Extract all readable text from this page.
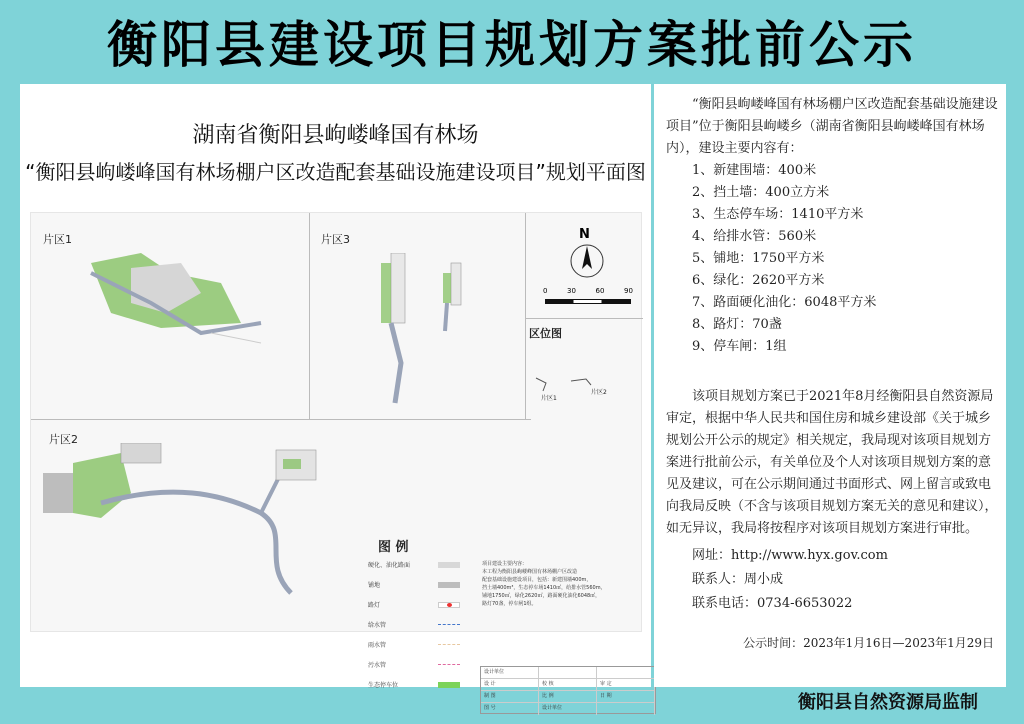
衡阳县建设项目规划方案批前公示
湖南省衡阳县岣嵝峰国有林场
“衡阳县岣嵝峰国有林场棚户区改造配套基础设施建设项目”规划平面图
片区1	片区3
片区2
区位图
N
0	30	60	90
片区1
片区2
图 例
硬化、油化路面
铺地
路灯
给水管
雨水管
污水管
生态停车位
项目建设主要内容：
本工程为衡阳县岣嵝峰国有林场棚户区改造
配套基础设施建设项目，包括：新建围墙400m，
挡土墙400m³，生态停车场1410㎡，给排水管560m，
铺地1750㎡，绿化2620㎡，路面硬化油化6048㎡，
路灯70盏，停车闸1组。
设计单位
设 计	校 核	审 定
制 图	比 例	日 期
图 号	设计单位

“衡阳县岣嵝峰国有林场棚户区改造配套基础设施建设项目”位于衡阳县岣嵝乡（湖南省衡阳县岣嵝峰国有林场内），建设主要内容有：

1、新建围墙：400米
2、挡土墙：400立方米
3、生态停车场：1410平方米
4、给排水管：560米
5、铺地：1750平方米
6、绿化：2620平方米
7、路面硬化油化：6048平方米
8、路灯：70盏
9、停车闸：1组

该项目规划方案已于2021年8月经衡阳县自然资源局审定，根据中华人民共和国住房和城乡建设部《关于城乡规划公开公示的规定》相关规定，我局现对该项目规划方案进行批前公示，有关单位及个人对该项目规划方案的意见及建议，可在公示期间通过书面形式、网上留言或致电向我局反映（不含与该项目规划方案无关的意见和建议），如无异议，我局将按程序对该项目规划方案进行审批。

网址：http://www.hyx.gov.com
联系人：周小成
联系电话：0734-6653022
公示时间：2023年1月16日—2023年1月29日
衡阳县自然资源局监制
